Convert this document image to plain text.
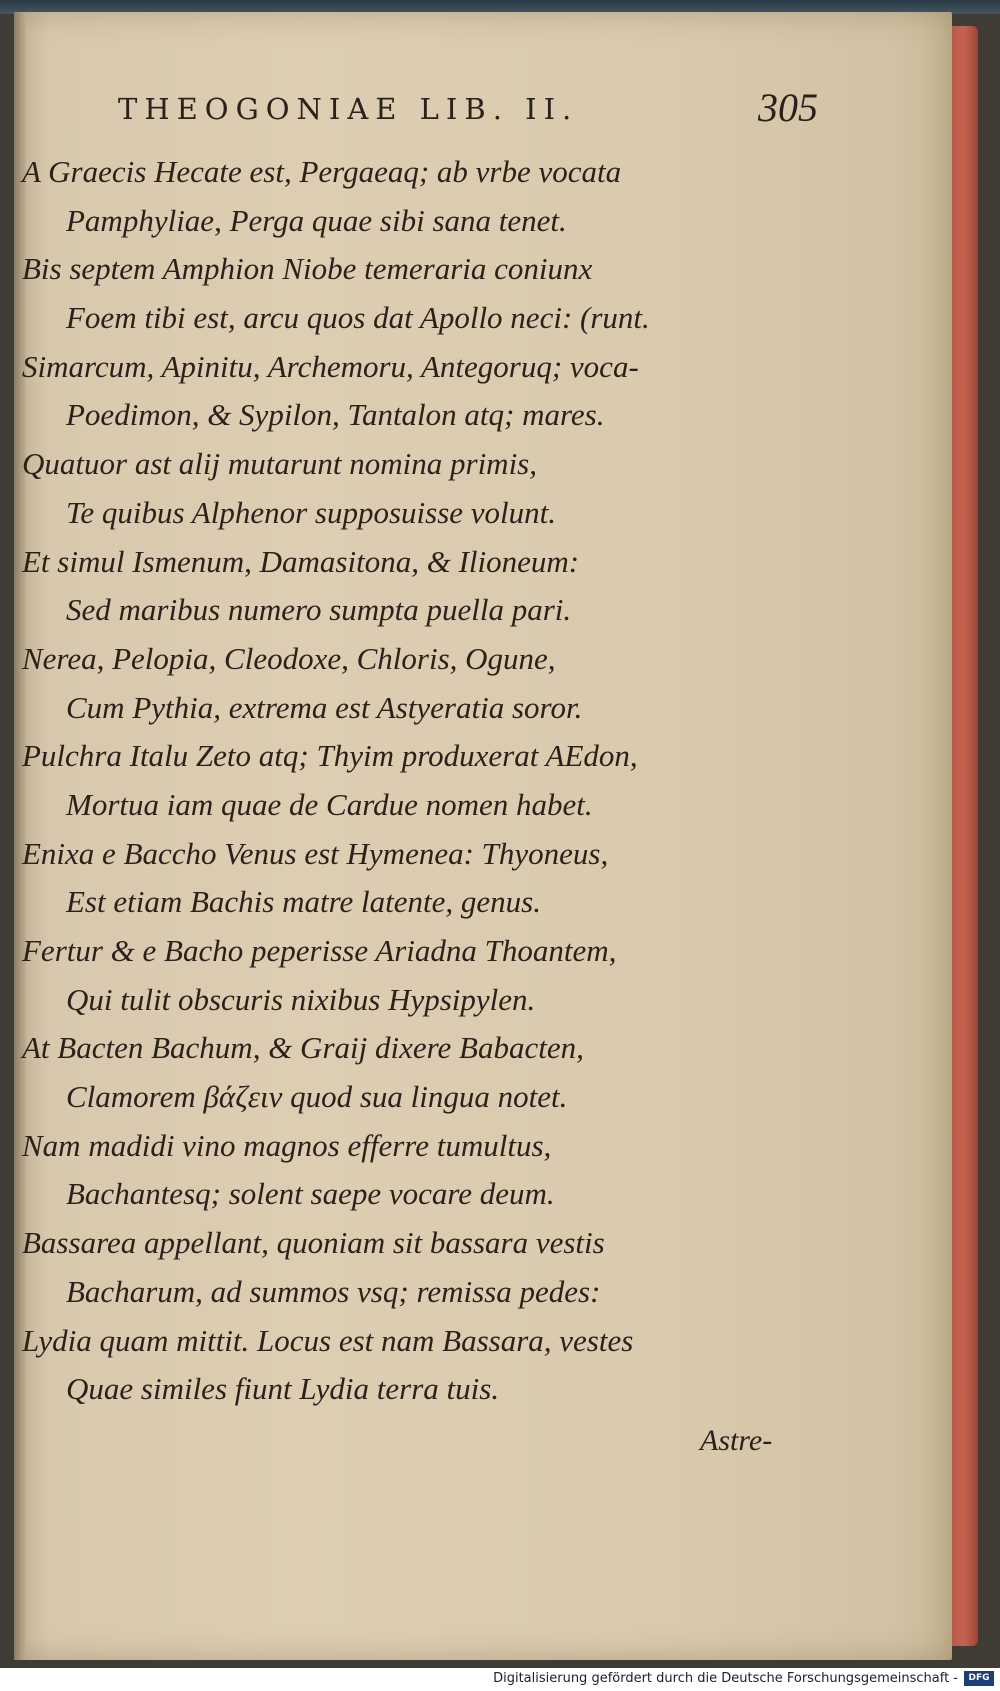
THEOGONIAE LIB. II.	305
A Graecis Hecate est, Pergaeaq; ab vrbe vocata
Pamphyliae, Perga quae sibi sana tenet.
Bis septem Amphion Niobe temeraria coniunx
Foem tibi est, arcu quos dat Apollo neci: (runt.
Simarcum, Apinitu, Archemoru, Antegoruq; voca-
Poedimon, & Sypilon, Tantalon atq; mares.
Quatuor ast alij mutarunt nomina primis,
Te quibus Alphenor supposuisse volunt.
Et simul Ismenum, Damasitona, & Ilioneum:
Sed maribus numero sumpta puella pari.
Nerea, Pelopia, Cleodoxe, Chloris, Ogune,
Cum Pythia, extrema est Astyeratia soror.
Pulchra Italu Zeto atq; Thyim produxerat AEdon,
Mortua iam quae de Cardue nomen habet.
Enixa e Baccho Venus est Hymenea: Thyoneus,
Est etiam Bachis matre latente, genus.
Fertur & e Bacho peperisse Ariadna Thoantem,
Qui tulit obscuris nixibus Hypsipylen.
At Bacten Bachum, & Graij dixere Babacten,
Clamorem βάζειν quod sua lingua notet.
Nam madidi vino magnos efferre tumultus,
Bachantesq; solent saepe vocare deum.
Bassarea appellant, quoniam sit bassara vestis
Bacharum, ad summos vsq; remissa pedes:
Lydia quam mittit. Locus est nam Bassara, vestes
Quae similes fiunt Lydia terra tuis.
Astre-
Digitalisierung gefördert durch die Deutsche Forschungsgemeinschaft -	DFG
